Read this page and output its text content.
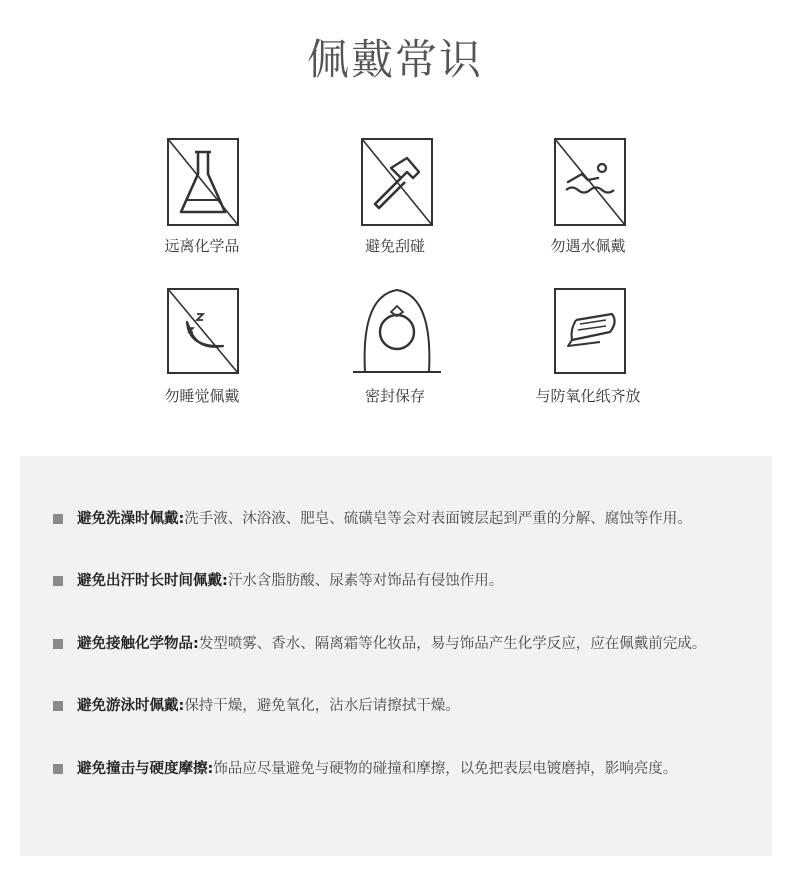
佩戴常识
远离化学品	避免刮碰	勿遇水佩戴
勿睡觉佩戴	密封保存	与防氧化纸齐放
避免洗澡时佩戴:洗手液、沐浴液、肥皂、硫磺皂等会对表面镀层起到严重的分解、腐蚀等作用。
避免出汗时长时间佩戴:汗水含脂肪酸、尿素等对饰品有侵蚀作用。
避免接触化学物品:发型喷雾、香水、隔离霜等化妆品，易与饰品产生化学反应，应在佩戴前完成。
避免游泳时佩戴:保持干燥，避免氧化，沾水后请擦拭干燥。
避免撞击与硬度摩擦:饰品应尽量避免与硬物的碰撞和摩擦，以免把表层电镀磨掉，影响亮度。
